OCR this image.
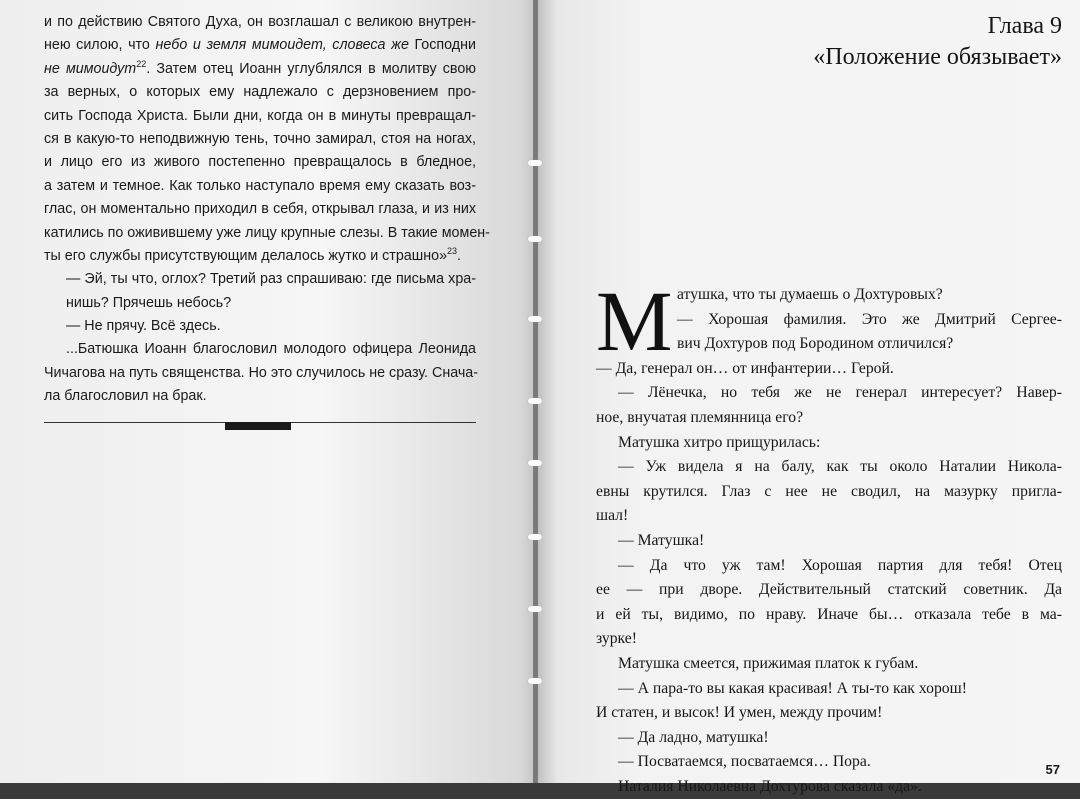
и по действию Святого Духа, он возглашал с великою внутрен-
нею силою, что небо и земля мимоидет, словеса же Господни
не мимоидут$^{22}$. Затем отец Иоанн углублялся в молитву свою
за верных, о которых ему надлежало с дерзновением про-
сить Господа Христа. Были дни, когда он в минуты превращал-
ся в какую-то неподвижную тень, точно замирал, стоя на ногах,
и лицо его из живого постепенно превращалось в бледное,
а затем и темное. Как только наступало время ему сказать воз-
глас, он моментально приходил в себя, открывал глаза, и из них
катились по оживившему уже лицу крупные слезы. В такие момен-
ты его службы присутствующим делалось жутко и страшно»$^{23}$.
— Эй, ты что, оглох? Третий раз спрашиваю: где письма хра-
нишь? Прячешь небось?
— Не прячу. Всё здесь.
...Батюшка Иоанн благословил молодого офицера Леонида
Чичагова на путь священства. Но это случилось не сразу. Снача-
ла благословил на брак.
Глава 9
«Положение обязывает»
М атушка, что ты думаешь о Дохтуровых?
— Хорошая фамилия. Это же Дмитрий Сергее-
вич Дохтуров под Бородином отличился?
— Да, генерал он… от инфантерии… Герой.
— Лёнечка, но тебя же не генерал интересует? Навер-
ное, внучатая племянница его?
Матушка хитро прищурилась:
— Уж видела я на балу, как ты около Наталии Николa-
евны крутился. Глаз с нее не сводил, на мазурку пригла-
шал!
— Матушка!
— Да что уж там! Хорошая партия для тебя! Отец
ее — при дворе. Действительный статский советник. Да
и ей ты, видимо, по нраву. Иначе бы… отказала тебе в ма-
зурке!
Матушка смеется, прижимая платок к губам.
— А пара-то вы какая красивая! А ты-то как хорош!
И статен, и высок! И умен, между прочим!
— Да ладно, матушка!
— Посватаемся, посватаемся… Пора.
Наталия Николаевна Дохтурова сказала «да».
57
